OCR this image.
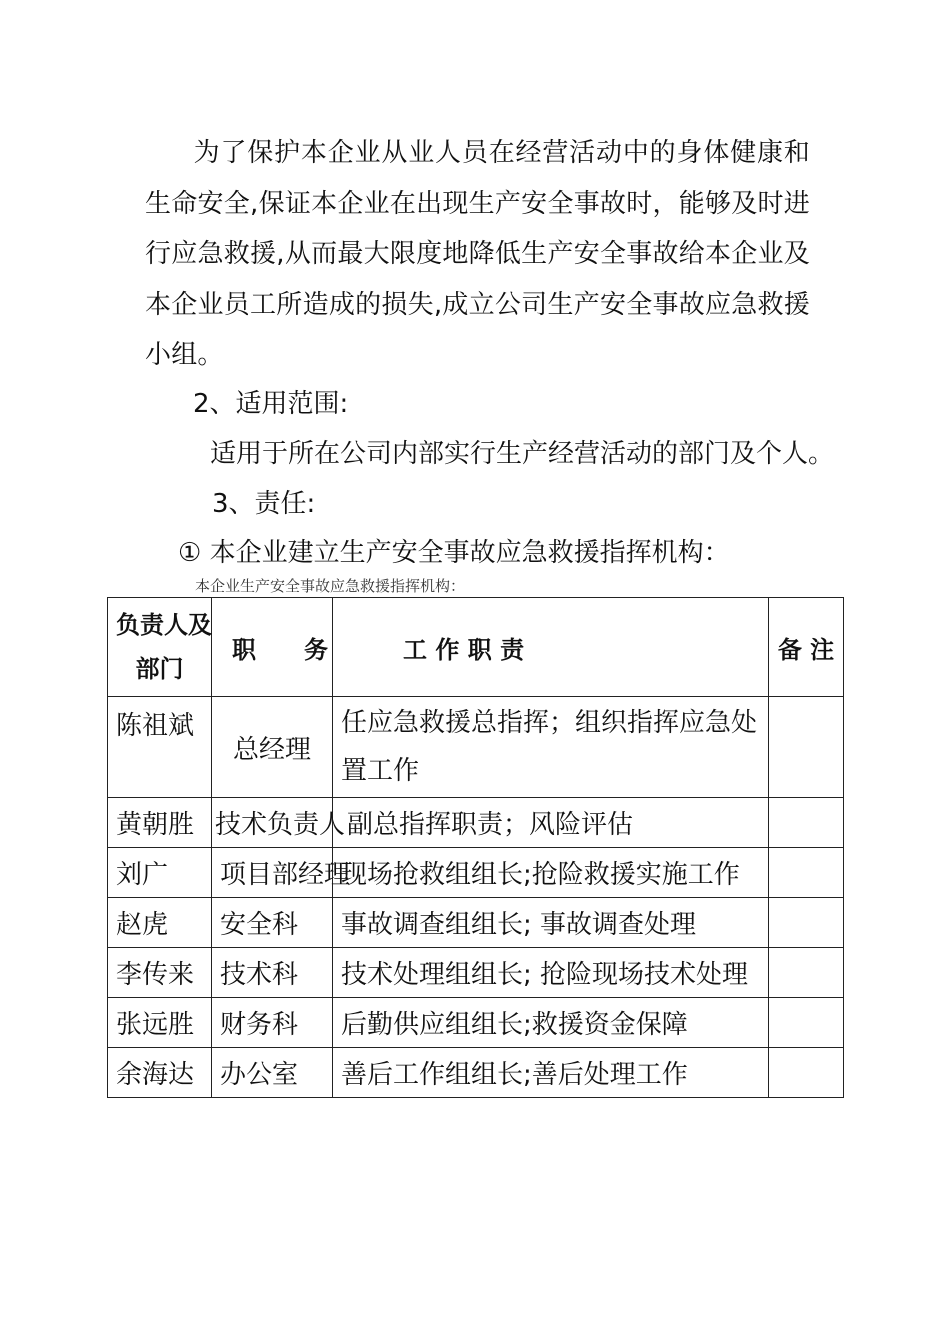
为了保护本企业从业人员在经营活动中的身体健康和生命安全,保证本企业在出现生产安全事故时，能够及时进行应急救援,从而最大限度地降低生产安全事故给本企业及本企业员工所造成的损失,成立公司生产安全事故应急救援小组。
2、适用范围:
适用于所在公司内部实行生产经营活动的部门及个人。
3、责任:
① 本企业建立生产安全事故应急救援指挥机构：
本企业生产安全事故应急救援指挥机构：
负责人及
部门	职　　务	工 作 职 责	备 注
陈祖斌	总经理	任应急救援总指挥；组织指挥应急处置工作	
黄朝胜	技术负责人	副总指挥职责；风险评估	
刘广	项目部经理	现场抢救组组长;抢险救援实施工作	
赵虎	安全科	事故调查组组长; 事故调查处理	
李传来	技术科	技术处理组组长; 抢险现场技术处理	
张远胜	财务科	后勤供应组组长;救援资金保障	
余海达	办公室	善后工作组组长;善后处理工作	
